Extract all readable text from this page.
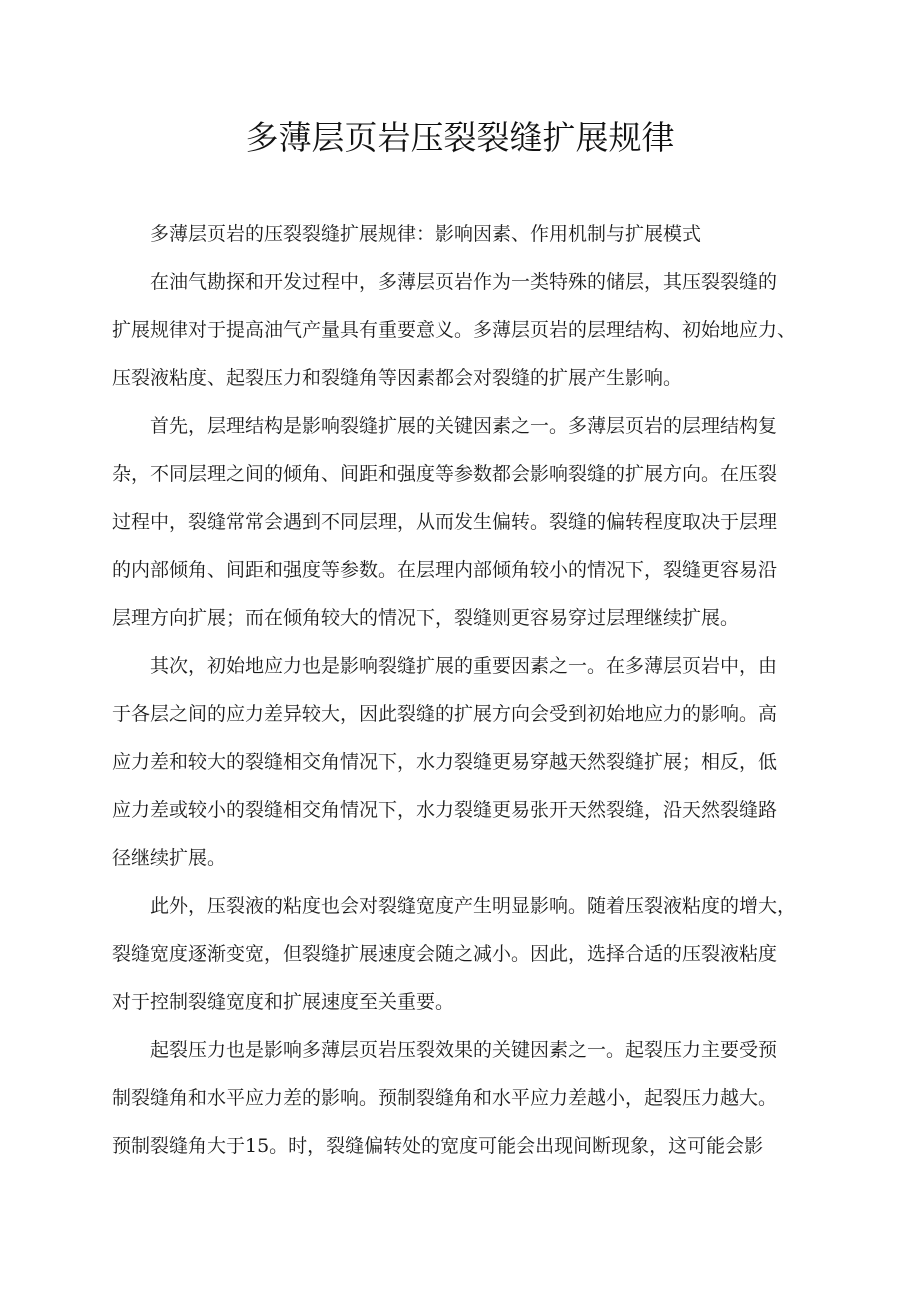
多薄层页岩压裂裂缝扩展规律
多薄层页岩的压裂裂缝扩展规律：影响因素、作用机制与扩展模式
在油气勘探和开发过程中，多薄层页岩作为一类特殊的储层，其压裂裂缝的
扩展规律对于提高油气产量具有重要意义。多薄层页岩的层理结构、初始地应力、
压裂液粘度、起裂压力和裂缝角等因素都会对裂缝的扩展产生影响。
首先，层理结构是影响裂缝扩展的关键因素之一。多薄层页岩的层理结构复
杂，不同层理之间的倾角、间距和强度等参数都会影响裂缝的扩展方向。在压裂
过程中，裂缝常常会遇到不同层理，从而发生偏转。裂缝的偏转程度取决于层理
的内部倾角、间距和强度等参数。在层理内部倾角较小的情况下，裂缝更容易沿
层理方向扩展；而在倾角较大的情况下，裂缝则更容易穿过层理继续扩展。
其次，初始地应力也是影响裂缝扩展的重要因素之一。在多薄层页岩中，由
于各层之间的应力差异较大，因此裂缝的扩展方向会受到初始地应力的影响。高
应力差和较大的裂缝相交角情况下，水力裂缝更易穿越天然裂缝扩展；相反，低
应力差或较小的裂缝相交角情况下，水力裂缝更易张开天然裂缝，沿天然裂缝路
径继续扩展。
此外，压裂液的粘度也会对裂缝宽度产生明显影响。随着压裂液粘度的增大，
裂缝宽度逐渐变宽，但裂缝扩展速度会随之减小。因此，选择合适的压裂液粘度
对于控制裂缝宽度和扩展速度至关重要。
起裂压力也是影响多薄层页岩压裂效果的关键因素之一。起裂压力主要受预
制裂缝角和水平应力差的影响。预制裂缝角和水平应力差越小，起裂压力越大。
预制裂缝角大于15。时，裂缝偏转处的宽度可能会出现间断现象，这可能会影
